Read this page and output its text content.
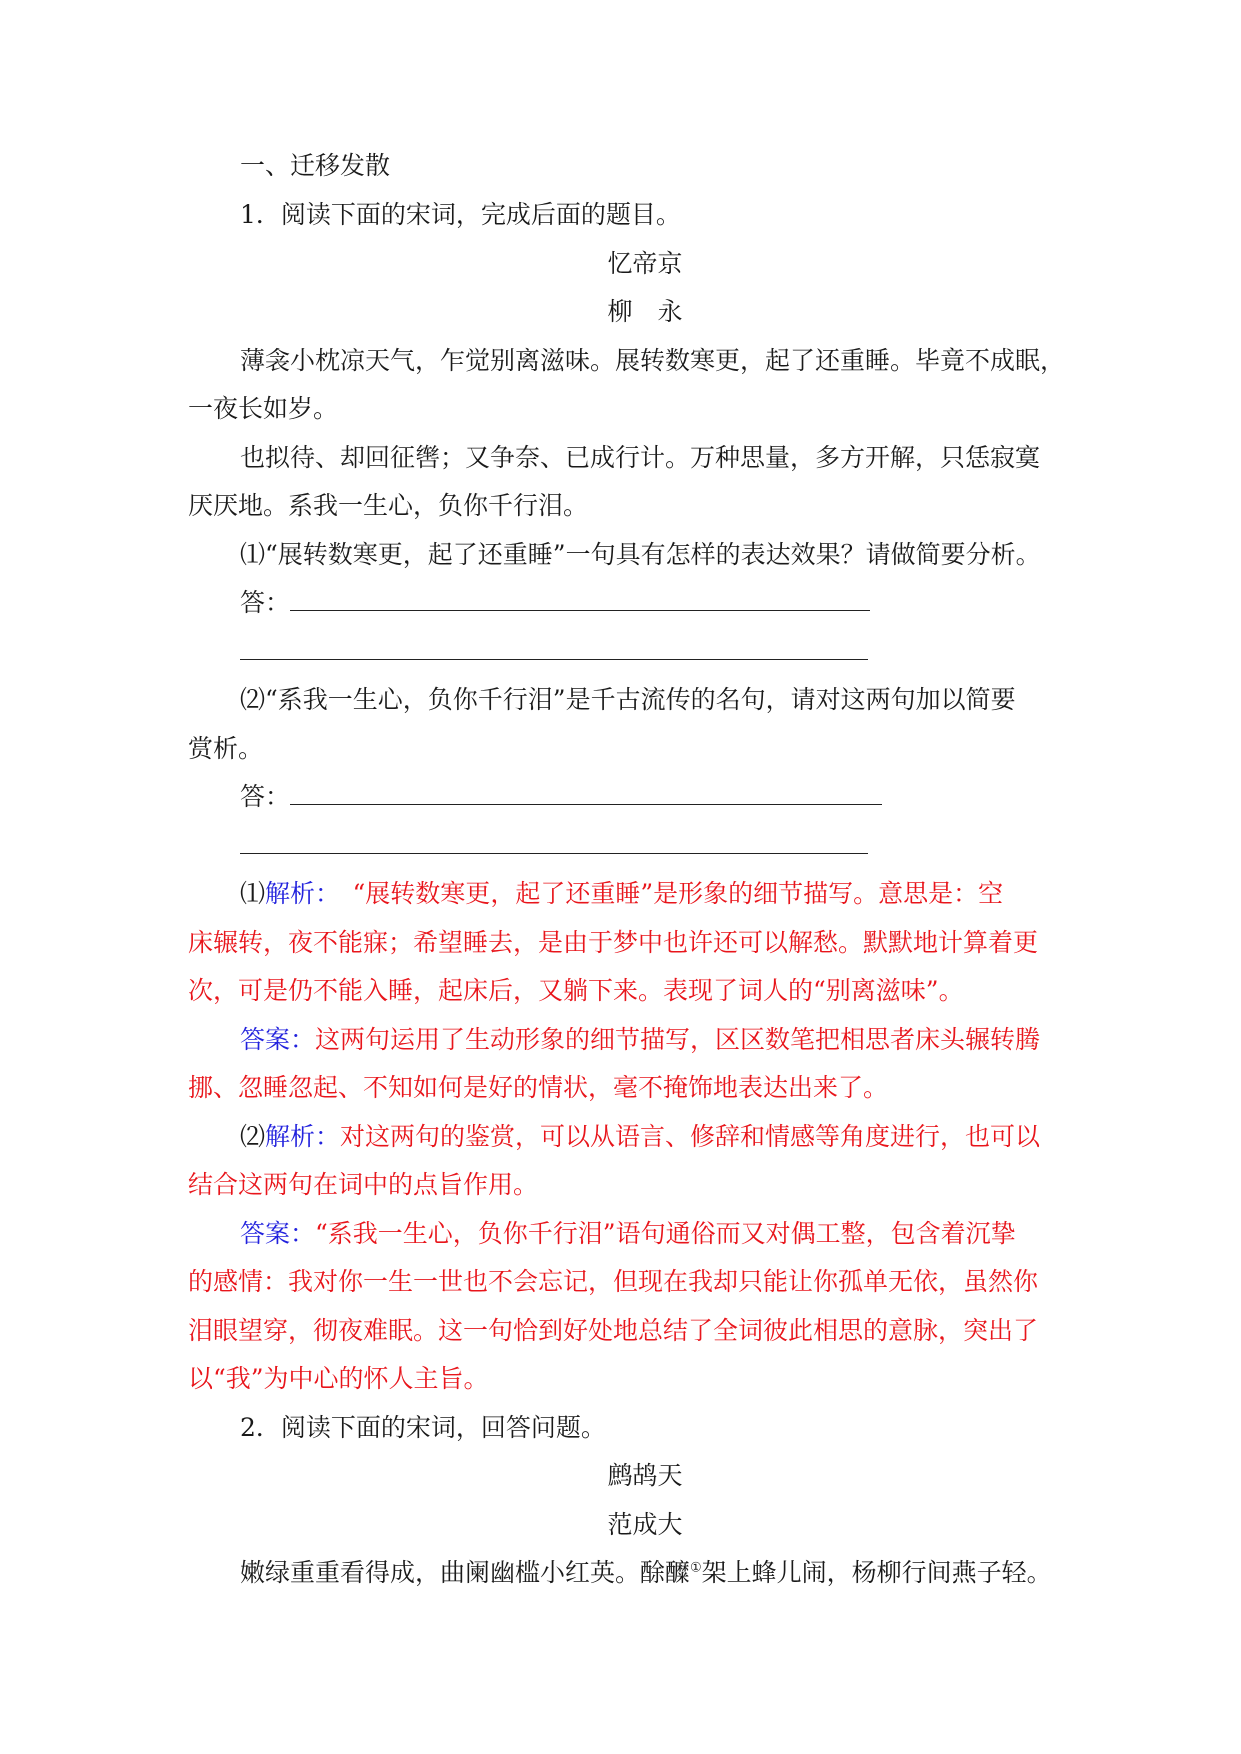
一、迁移发散
1．阅读下面的宋词，完成后面的题目。
忆帝京
柳　永
薄衾小枕凉天气，乍觉别离滋味。展转数寒更，起了还重睡。毕竟不成眠，
一夜长如岁。
也拟待、却回征辔；又争奈、已成行计。万种思量，多方开解，只恁寂寞
厌厌地。系我一生心，负你千行泪。
⑴“展转数寒更，起了还重睡”一句具有怎样的表达效果？请做简要分析。
答：
⑵“系我一生心，负你千行泪”是千古流传的名句，请对这两句加以简要
赏析。
答：
⑴解析：　“展转数寒更，起了还重睡”是形象的细节描写。意思是：空
床辗转，夜不能寐；希望睡去，是由于梦中也许还可以解愁。默默地计算着更
次，可是仍不能入睡，起床后，又躺下来。表现了词人的“别离滋味”。
答案：这两句运用了生动形象的细节描写，区区数笔把相思者床头辗转腾
挪、忽睡忽起、不知如何是好的情状，毫不掩饰地表达出来了。
⑵解析：对这两句的鉴赏，可以从语言、修辞和情感等角度进行，也可以
结合这两句在词中的点旨作用。
答案：“系我一生心，负你千行泪”语句通俗而又对偶工整，包含着沉挚
的感情：我对你一生一世也不会忘记，但现在我却只能让你孤单无依，虽然你
泪眼望穿，彻夜难眠。这一句恰到好处地总结了全词彼此相思的意脉，突出了
以“我”为中心的怀人主旨。
2．阅读下面的宋词，回答问题。
鹧鸪天
范成大
嫩绿重重看得成，曲阑幽槛小红英。酴醾①架上蜂儿闹，杨柳行间燕子轻。
